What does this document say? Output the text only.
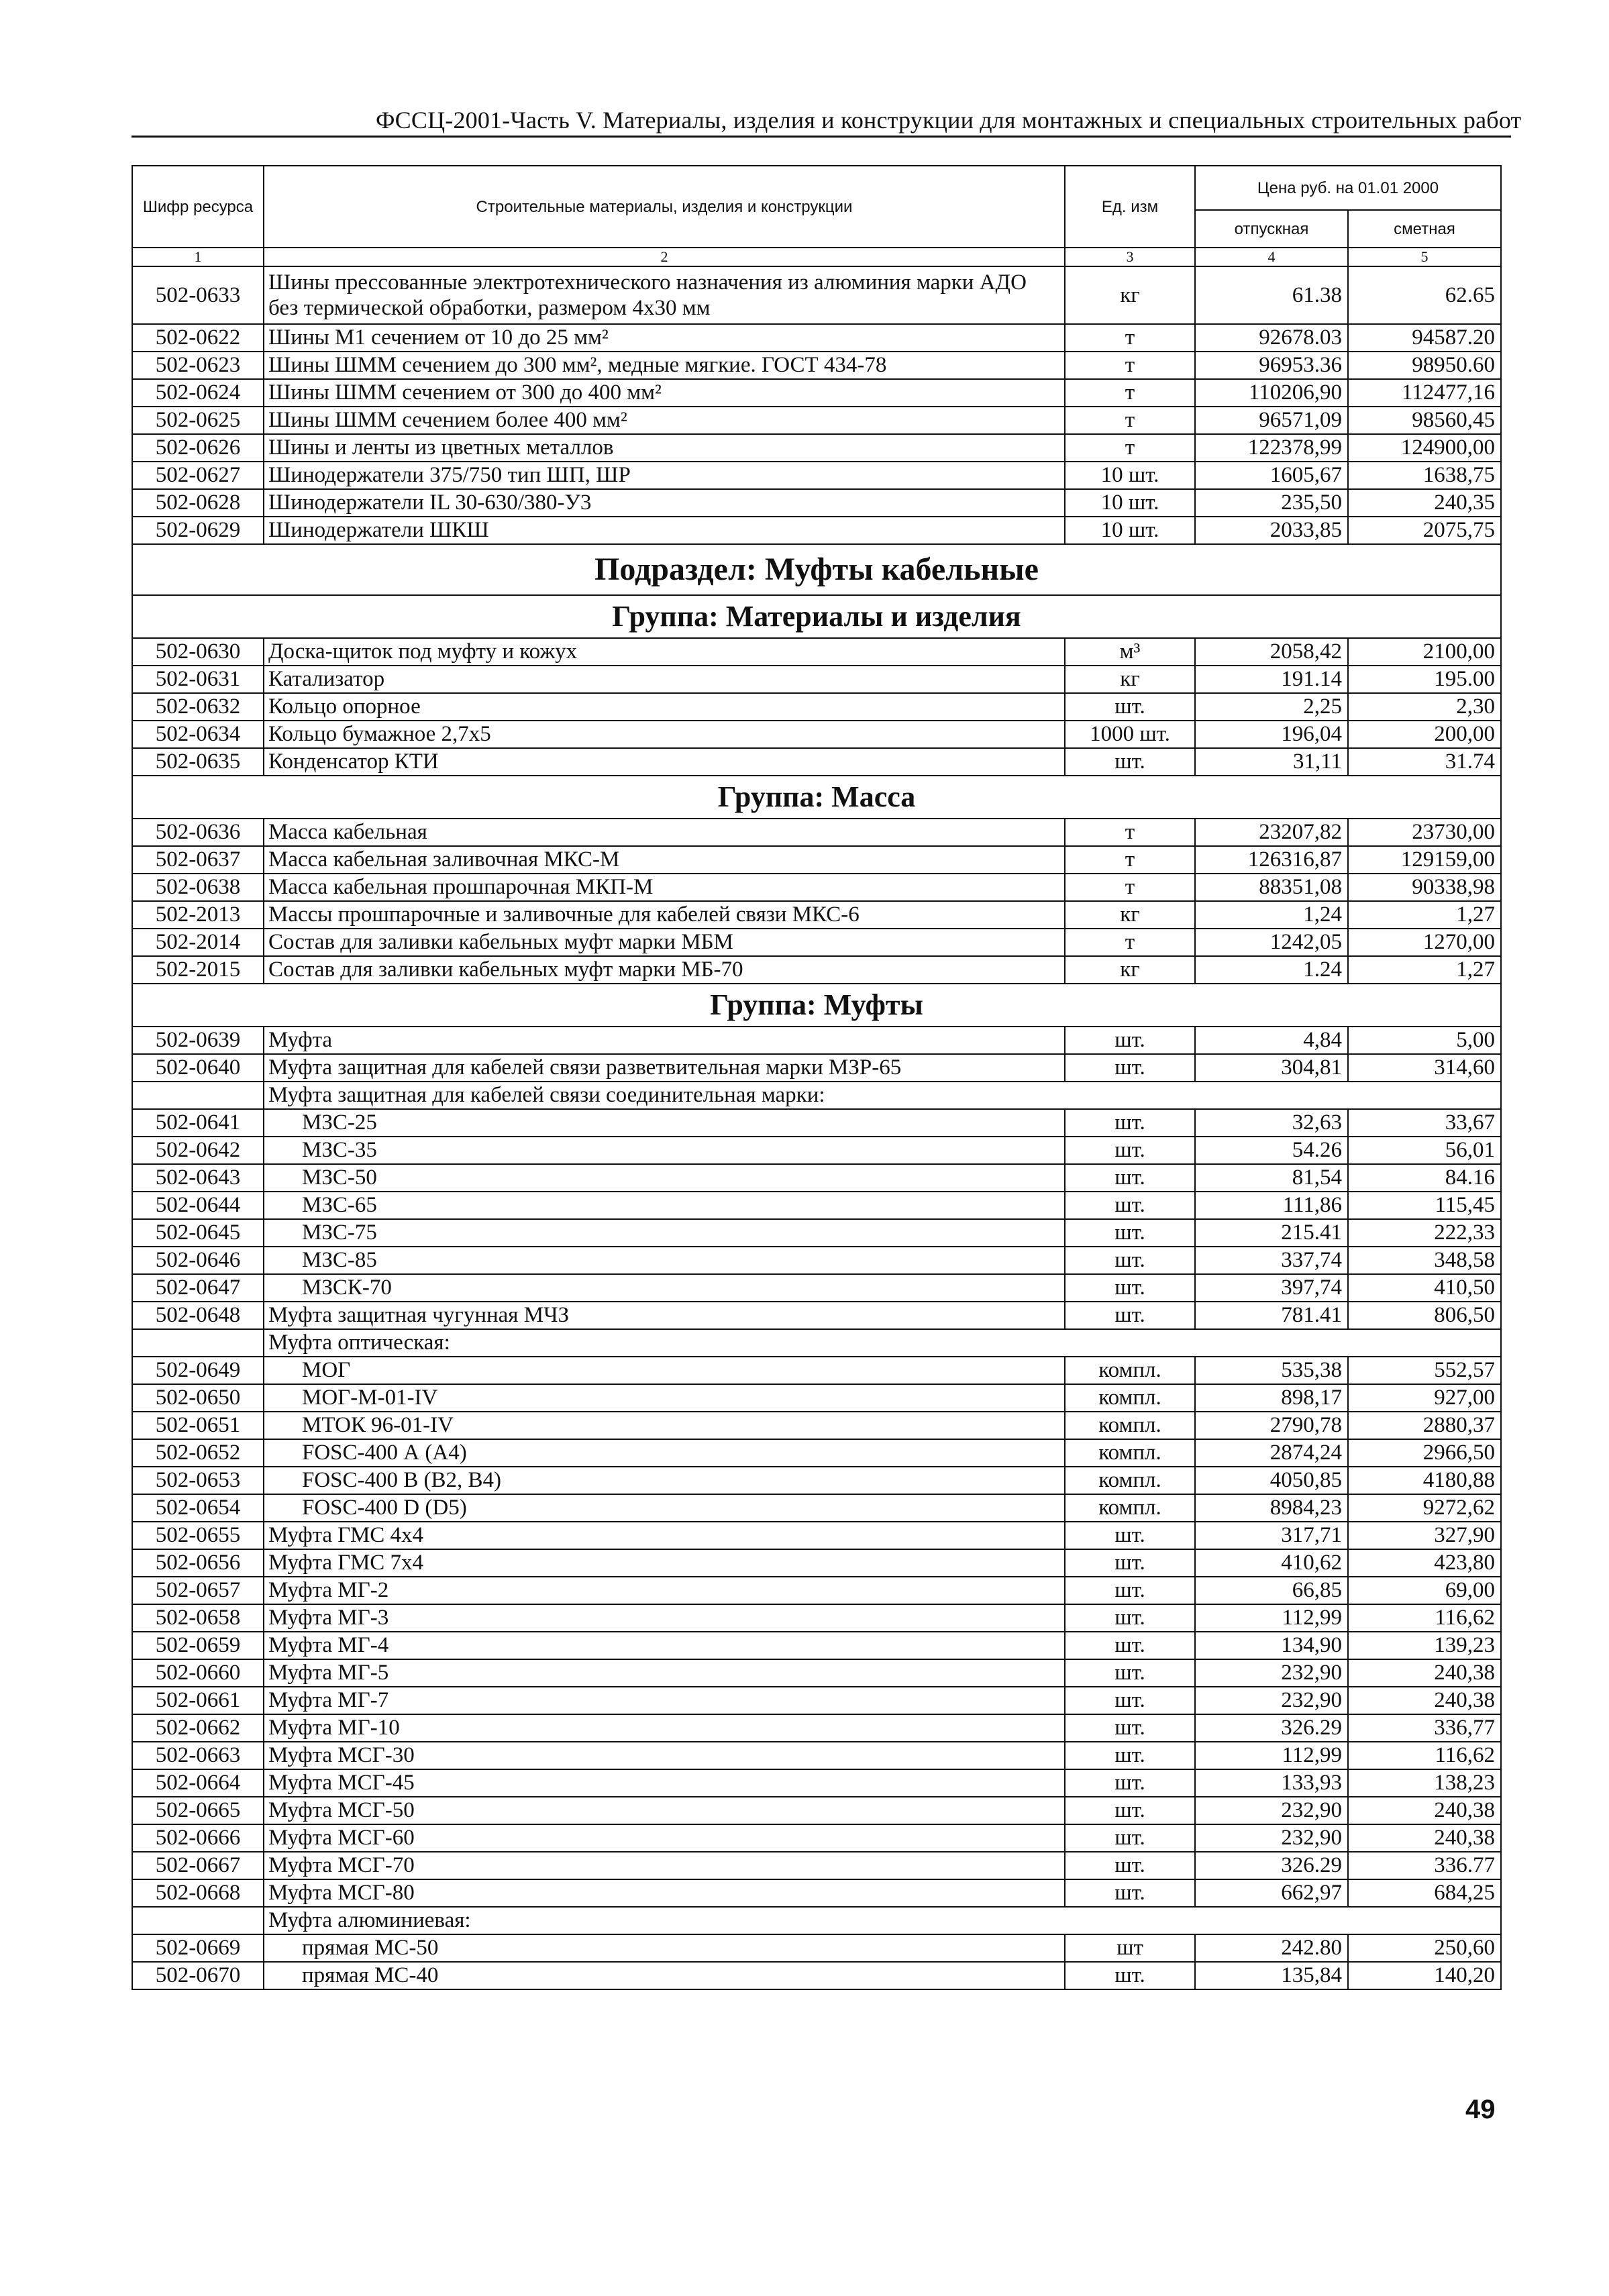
ФССЦ-2001-Часть V. Материалы, изделия и конструкции для монтажных и специальных строительных работ
Шифр ресурса	Строительные материалы, изделия и конструкции	Ед. изм	Цена руб. на 01.01 2000	
			отпускная	сметная
1	2	3	4	5
502-0633	Шины прессованные электротехнического назначения из алюминия марки АДО без термической обработки, размером 4х30 мм	кг	61.38	62.65
502-0622	Шины М1 сечением от 10 до 25 мм²	т	92678.03	94587.20
502-0623	Шины ШММ сечением до 300 мм², медные мягкие. ГОСТ 434-78	т	96953.36	98950.60
502-0624	Шины ШММ сечением от 300 до 400 мм²	т	110206,90	112477,16
502-0625	Шины ШММ сечением более 400 мм²	т	96571,09	98560,45
502-0626	Шины и ленты из цветных металлов	т	122378,99	124900,00
502-0627	Шинодержатели 375/750 тип ШП, ШР	10 шт.	1605,67	1638,75
502-0628	Шинодержатели IL 30-630/380-У3	10 шт.	235,50	240,35
502-0629	Шинодержатели ШКШ	10 шт.	2033,85	2075,75
Подраздел: Муфты кабельные				
Группа: Материалы и изделия				
502-0630	Доска-щиток под муфту и кожух	м³	2058,42	2100,00
502-0631	Катализатор	кг	191.14	195.00
502-0632	Кольцо опорное	шт.	2,25	2,30
502-0634	Кольцо бумажное 2,7х5	1000 шт.	196,04	200,00
502-0635	Конденсатор КТИ	шт.	31,11	31.74
Группа: Масса				
502-0636	Масса кабельная	т	23207,82	23730,00
502-0637	Масса кабельная заливочная МКС-М	т	126316,87	129159,00
502-0638	Масса кабельная прошпарочная МКП-М	т	88351,08	90338,98
502-2013	Массы прошпарочные и заливочные для кабелей связи МКС-6	кг	1,24	1,27
502-2014	Состав для заливки кабельных муфт марки МБМ	т	1242,05	1270,00
502-2015	Состав для заливки кабельных муфт марки МБ-70	кг	1.24	1,27
Группа: Муфты				
502-0639	Муфта	шт.	4,84	5,00
502-0640	Муфта защитная для кабелей связи разветвительная марки МЗР-65	шт.	304,81	314,60
	Муфта защитная для кабелей связи соединительная марки:			
502-0641	МЗС-25	шт.	32,63	33,67
502-0642	МЗС-35	шт.	54.26	56,01
502-0643	МЗС-50	шт.	81,54	84.16
502-0644	МЗС-65	шт.	111,86	115,45
502-0645	МЗС-75	шт.	215.41	222,33
502-0646	МЗС-85	шт.	337,74	348,58
502-0647	МЗСК-70	шт.	397,74	410,50
502-0648	Муфта защитная чугунная МЧЗ	шт.	781.41	806,50
	Муфта оптическая:			
502-0649	МОГ	компл.	535,38	552,57
502-0650	МОГ-М-01-IV	компл.	898,17	927,00
502-0651	МТОК 96-01-IV	компл.	2790,78	2880,37
502-0652	FOSC-400 А (А4)	компл.	2874,24	2966,50
502-0653	FOSC-400 В (В2, В4)	компл.	4050,85	4180,88
502-0654	FOSC-400 D (D5)	компл.	8984,23	9272,62
502-0655	Муфта ГМС 4х4	шт.	317,71	327,90
502-0656	Муфта ГМС 7х4	шт.	410,62	423,80
502-0657	Муфта МГ-2	шт.	66,85	69,00
502-0658	Муфта МГ-3	шт.	112,99	116,62
502-0659	Муфта МГ-4	шт.	134,90	139,23
502-0660	Муфта МГ-5	шт.	232,90	240,38
502-0661	Муфта МГ-7	шт.	232,90	240,38
502-0662	Муфта МГ-10	шт.	326.29	336,77
502-0663	Муфта МСГ-30	шт.	112,99	116,62
502-0664	Муфта МСГ-45	шт.	133,93	138,23
502-0665	Муфта МСГ-50	шт.	232,90	240,38
502-0666	Муфта МСГ-60	шт.	232,90	240,38
502-0667	Муфта МСГ-70	шт.	326.29	336.77
502-0668	Муфта МСГ-80	шт.	662,97	684,25
	Муфта алюминиевая:			
502-0669	прямая МС-50	шт	242.80	250,60
502-0670	прямая МС-40	шт.	135,84	140,20
49
